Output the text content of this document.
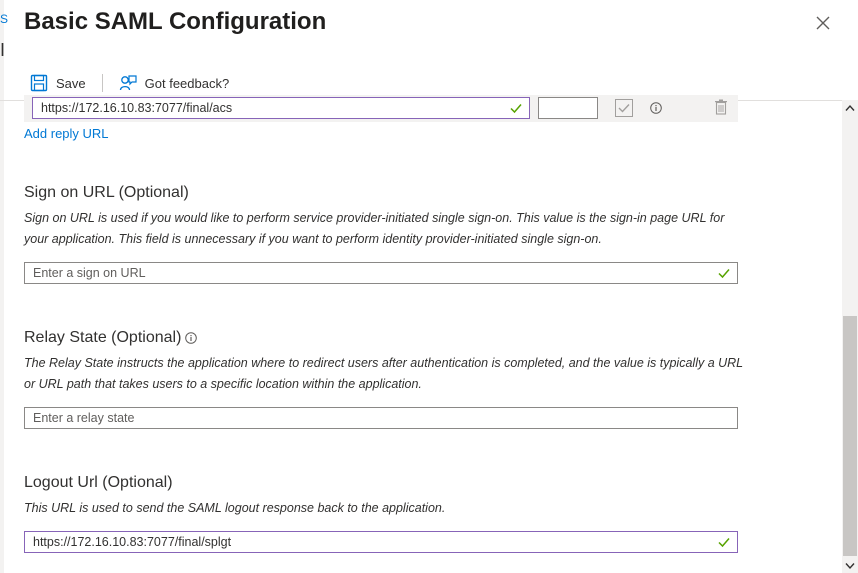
S
I
Basic SAML Configuration
Save	Got feedback?
https://172.16.10.83:7077/final/acs
Add reply URL
Sign on URL (Optional)
Sign on URL is used if you would like to perform service provider-initiated single sign-on. This value is the sign-in page URL for your application. This field is unnecessary if you want to perform identity provider-initiated single sign-on.
Enter a sign on URL
Relay State (Optional)
The Relay State instructs the application where to redirect users after authentication is completed, and the value is typically a URL or URL path that takes users to a specific location within the application.
Enter a relay state
Logout Url (Optional)
This URL is used to send the SAML logout response back to the application.
https://172.16.10.83:7077/final/splgt
